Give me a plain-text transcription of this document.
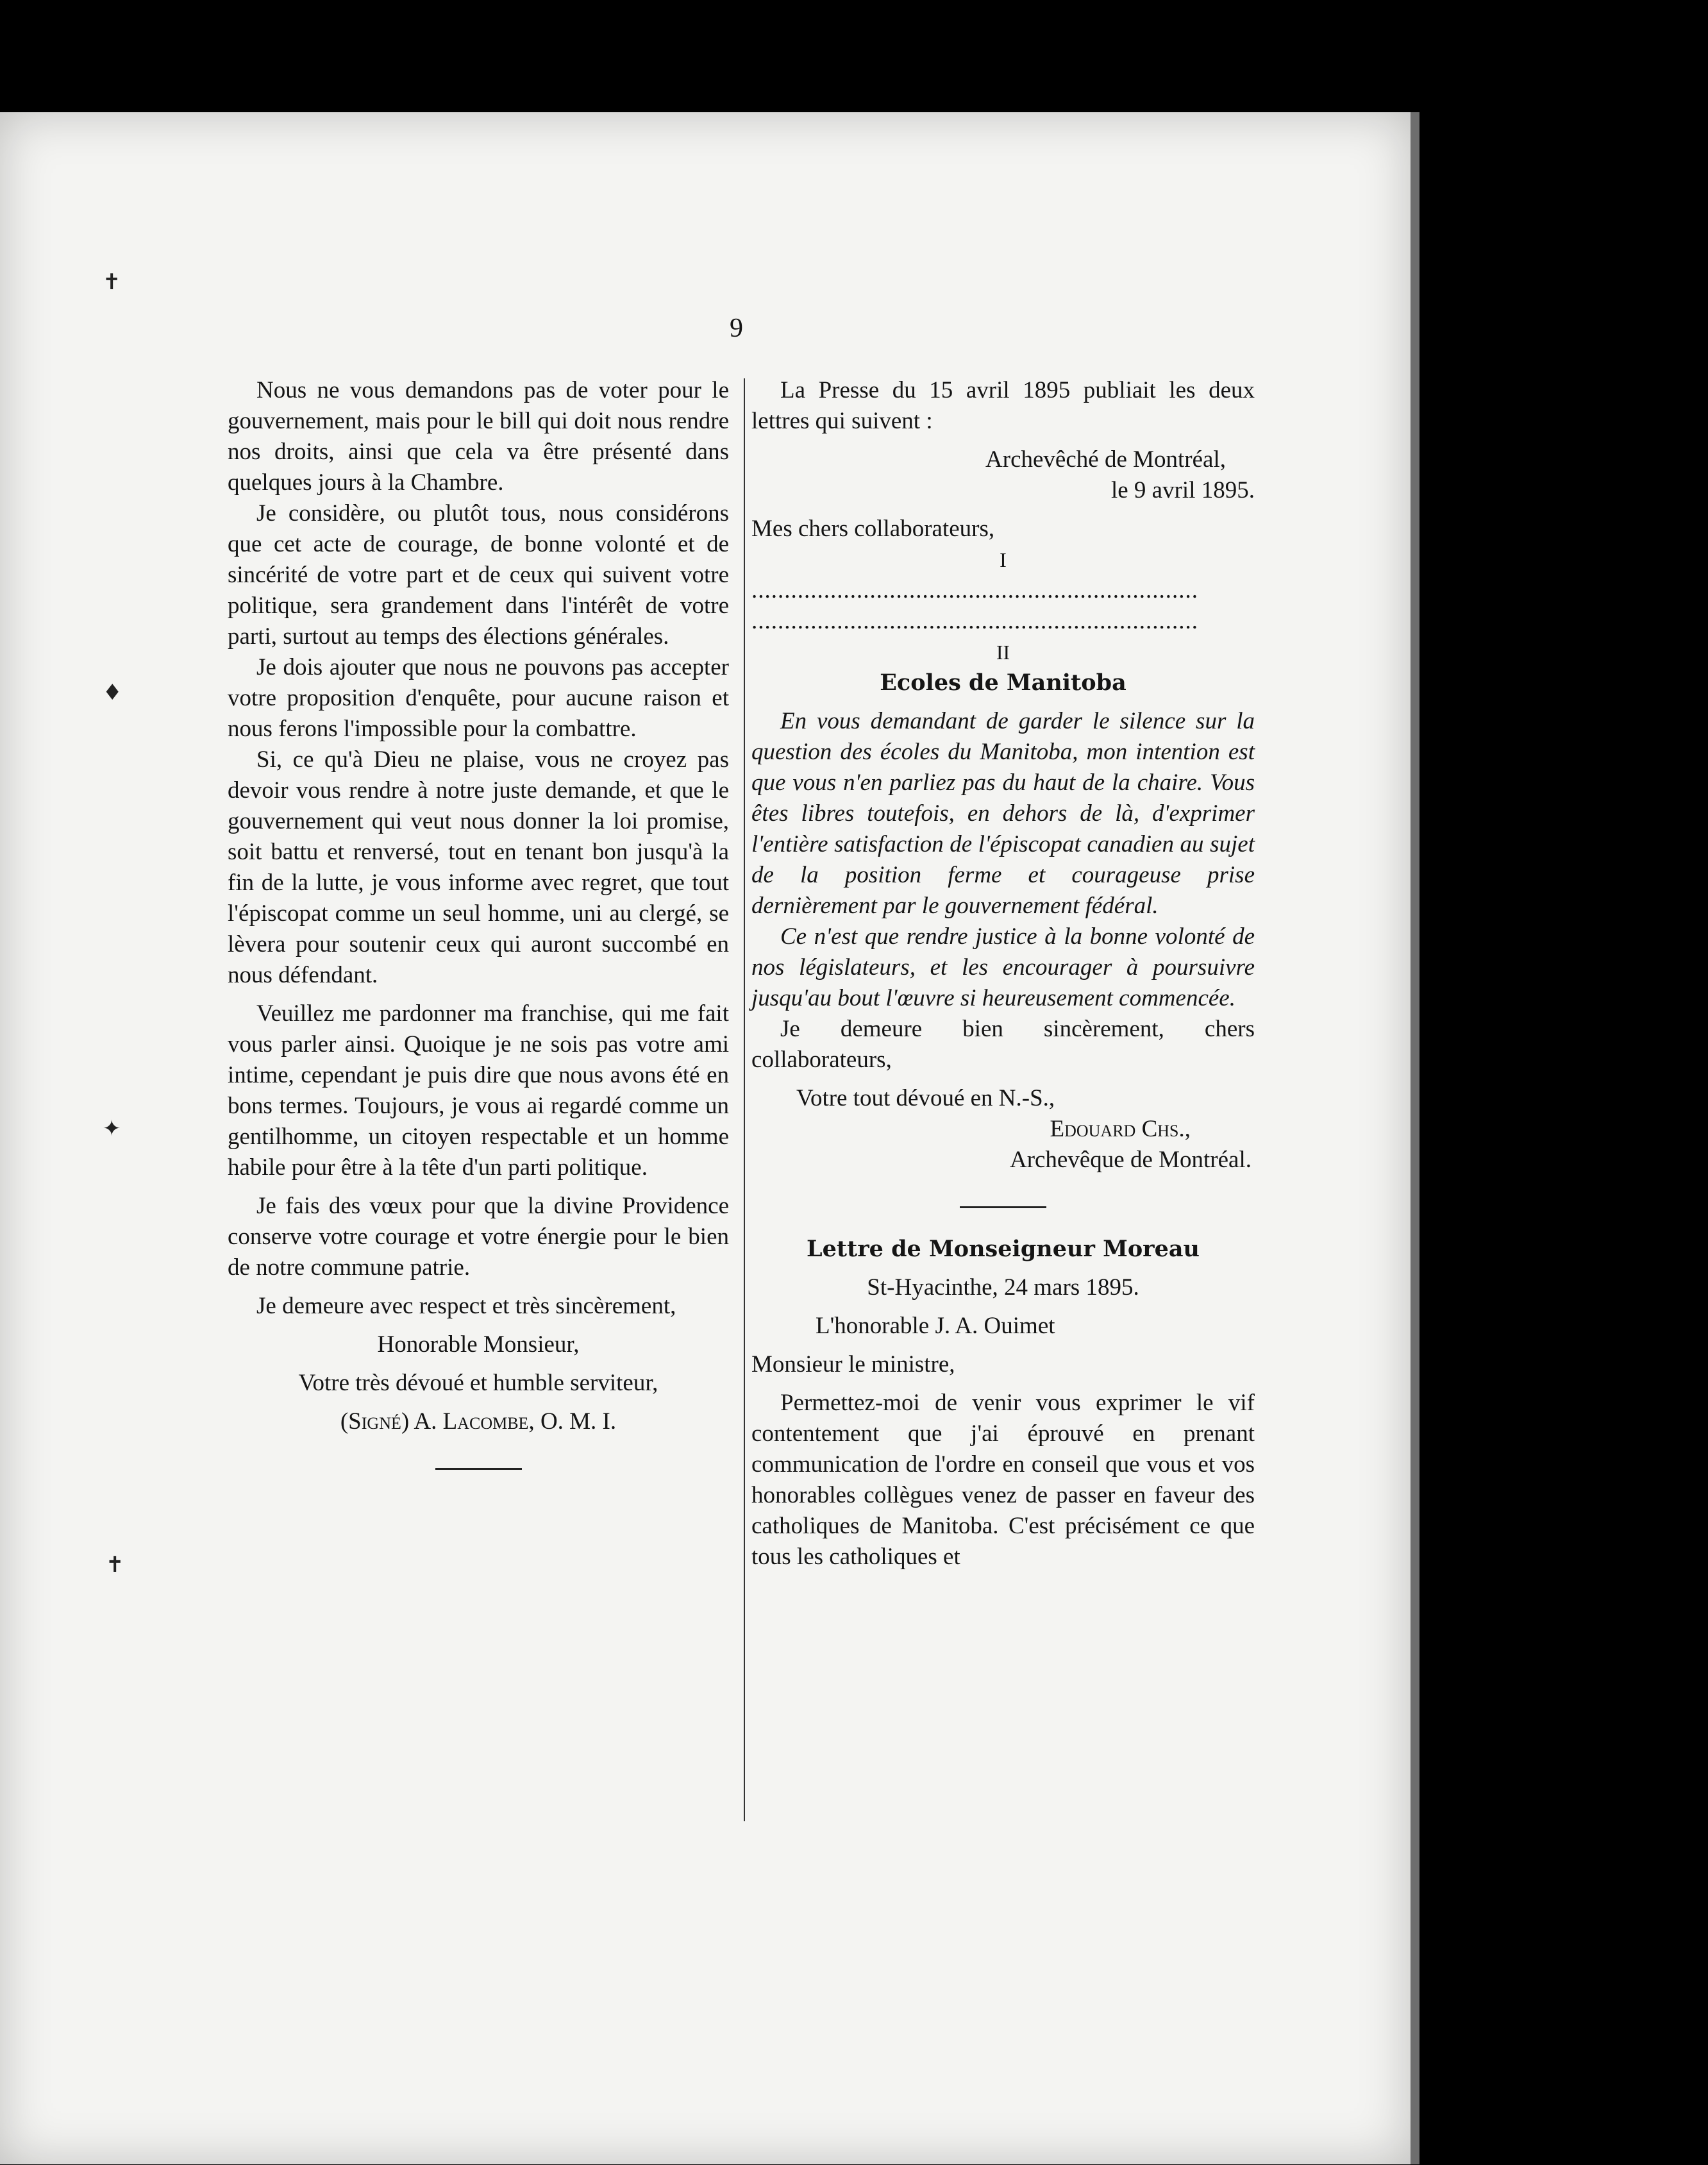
✝
♦
✦
✝
9

Nous ne vous demandons pas de voter pour le gouvernement, mais pour le bill qui doit nous rendre nos droits, ainsi que cela va être présenté dans quelques jours à la Chambre.

Je considère, ou plutôt tous, nous considérons que cet acte de courage, de bonne volonté et de sincérité de votre part et de ceux qui suivent votre politique, sera grandement dans l'intérêt de votre parti, surtout au temps des élections générales.

Je dois ajouter que nous ne pouvons pas accepter votre proposition d'enquête, pour aucune raison et nous ferons l'impossible pour la combattre.

Si, ce qu'à Dieu ne plaise, vous ne croyez pas devoir vous rendre à notre juste demande, et que le gouvernement qui veut nous donner la loi promise, soit battu et renversé, tout en tenant bon jusqu'à la fin de la lutte, je vous informe avec regret, que tout l'épiscopat comme un seul homme, uni au clergé, se lèvera pour soutenir ceux qui auront succombé en nous défendant.

Veuillez me pardonner ma franchise, qui me fait vous parler ainsi. Quoique je ne sois pas votre ami intime, cependant je puis dire que nous avons été en bons termes. Toujours, je vous ai regardé comme un gentilhomme, un citoyen respectable et un homme habile pour être à la tête d'un parti politique.

Je fais des vœux pour que la divine Providence conserve votre courage et votre énergie pour le bien de notre commune patrie.

Je demeure avec respect et très sincèrement,

Honorable Monsieur,

Votre très dévoué et humble serviteur,

(Signé) A. Lacombe, O. M. I.

La Presse du 15 avril 1895 publiait les deux lettres qui suivent :

Archevêché de Montréal,

le 9 avril 1895.

Mes chers collaborateurs,

I

....................................................................

....................................................................

II

Ecoles de Manitoba

En vous demandant de garder le silence sur la question des écoles du Manitoba, mon intention est que vous n'en parliez pas du haut de la chaire. Vous êtes libres toutefois, en dehors de là, d'exprimer l'entière satisfaction de l'épiscopat canadien au sujet de la position ferme et courageuse prise dernièrement par le gouvernement fédéral.

Ce n'est que rendre justice à la bonne volonté de nos législateurs, et les encourager à poursuivre jusqu'au bout l'œuvre si heureusement commencée.

Je demeure bien sincèrement, chers collaborateurs,

Votre tout dévoué en N.-S.,

Edouard Chs.,

Archevêque de Montréal.

Lettre de Monseigneur Moreau

St-Hyacinthe, 24 mars 1895.

L'honorable J. A. Ouimet

Monsieur le ministre,

Permettez-moi de venir vous exprimer le vif contentement que j'ai éprouvé en prenant communication de l'ordre en conseil que vous et vos honorables collègues venez de passer en faveur des catholiques de Manitoba. C'est précisément ce que tous les catholiques et
